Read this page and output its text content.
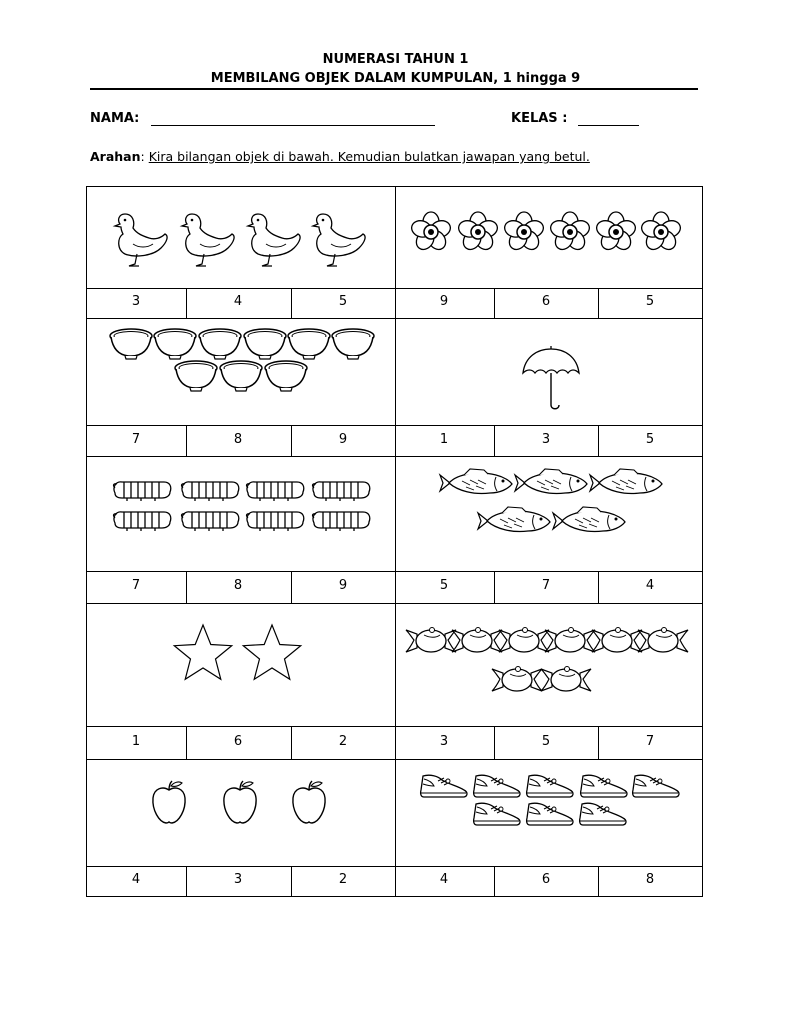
NUMERASI TAHUN 1
MEMBILANG OBJEK DALAM KUMPULAN, 1 hingga 9
NAMA:	KELAS :
Arahan: Kira bilangan objek di bawah. Kemudian bulatkan jawapan yang betul.
3	4	5	9	6	5
7	8	9	1	3	5
7	8	9	5	7	4
1	6	2	3	5	7
4	3	2	4	6	8
